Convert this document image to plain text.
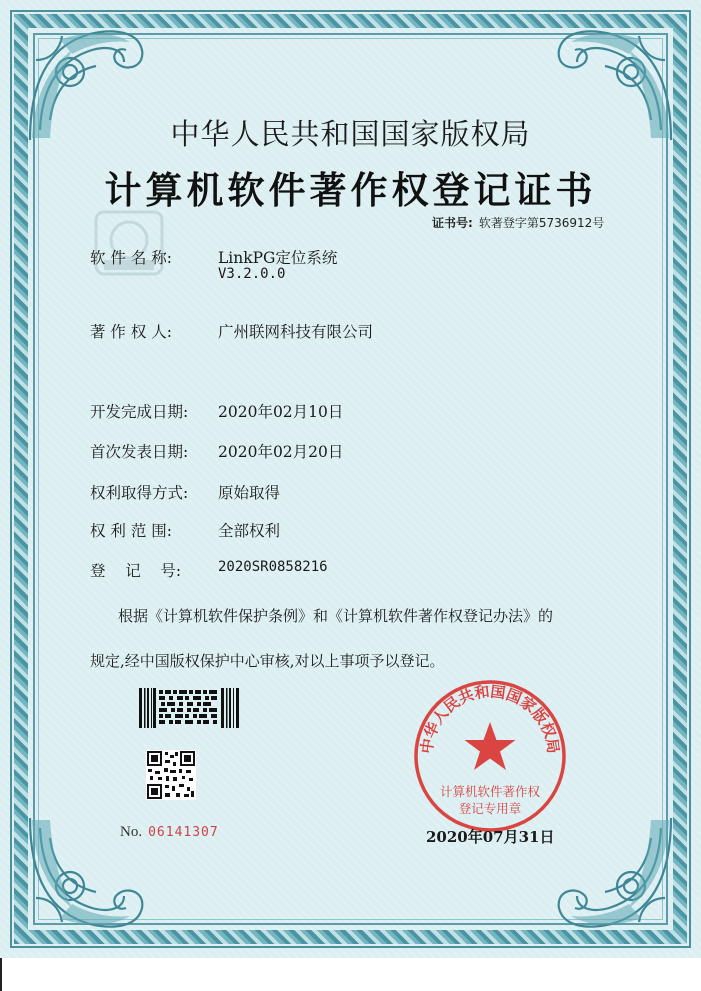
中华人民共和国国家版权局
计算机软件著作权登记证书
证书号: 软著登字第5736912号
软 件 名 称:	LinkPG定位系统
V3.2.0.0
著 作 权 人:	广州联网科技有限公司
开发完成日期: 2020年02月10日
首次发表日期: 2020年02月20日
权利取得方式: 原始取得
权 利 范 围:	全部权利
登    记    号:	2020SR0858216
根据《计算机软件保护条例》和《计算机软件著作权登记办法》的
规定,经中国版权保护中心审核,对以上事项予以登记。
No. 06141307
中华人民共和国国家版权局
计算机软件著作权
登记专用章
2020年07月31日
